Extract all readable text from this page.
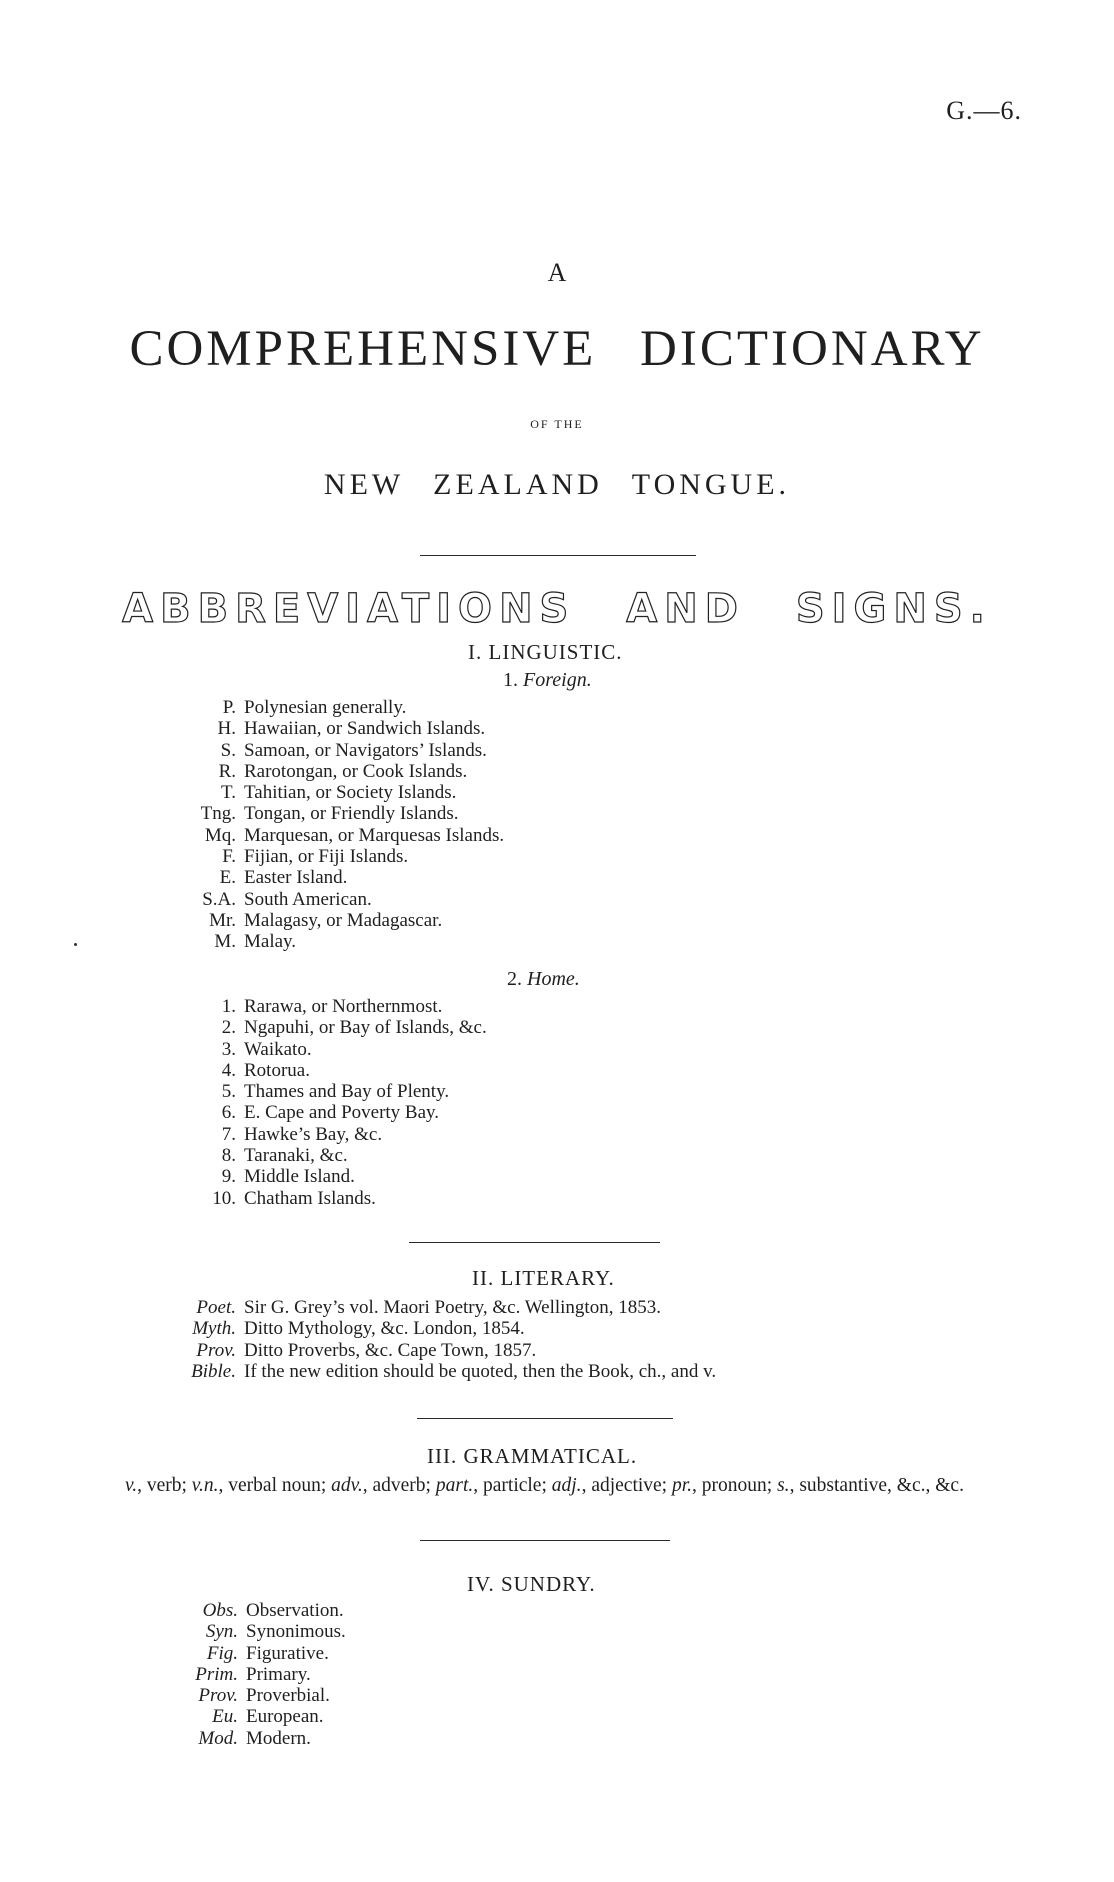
G.—6.
A
COMPREHENSIVE DICTIONARY
OF THE
NEW ZEALAND TONGUE.
ABBREVIATIONS AND SIGNS.
I. LINGUISTIC.
1. Foreign.
P. Polynesian generally.
H. Hawaiian, or Sandwich Islands.
S. Samoan, or Navigators’ Islands.
R. Rarotongan, or Cook Islands.
T. Tahitian, or Society Islands.
Tng. Tongan, or Friendly Islands.
Mq. Marquesan, or Marquesas Islands.
F. Fijian, or Fiji Islands.
E. Easter Island.
S.A. South American.
Mr. Malagasy, or Madagascar.
M. Malay.
2. Home.
1. Rarawa, or Northernmost.
2. Ngapuhi, or Bay of Islands, &c.
3. Waikato.
4. Rotorua.
5. Thames and Bay of Plenty.
6. E. Cape and Poverty Bay.
7. Hawke’s Bay, &c.
8. Taranaki, &c.
9. Middle Island.
10. Chatham Islands.
II. LITERARY.
Poet. Sir G. Grey’s vol. Maori Poetry, &c. Wellington, 1853.
Myth. Ditto Mythology, &c. London, 1854.
Prov. Ditto Proverbs, &c. Cape Town, 1857.
Bible. If the new edition should be quoted, then the Book, ch., and v.
III. GRAMMATICAL.
v., verb; v.n., verbal noun; adv., adverb; part., particle; adj., adjective; pr., pronoun; s., substantive, &c., &c.
IV. SUNDRY.
Obs. Observation.
Syn. Synonimous.
Fig. Figurative.
Prim. Primary.
Prov. Proverbial.
Eu. European.
Mod. Modern.
